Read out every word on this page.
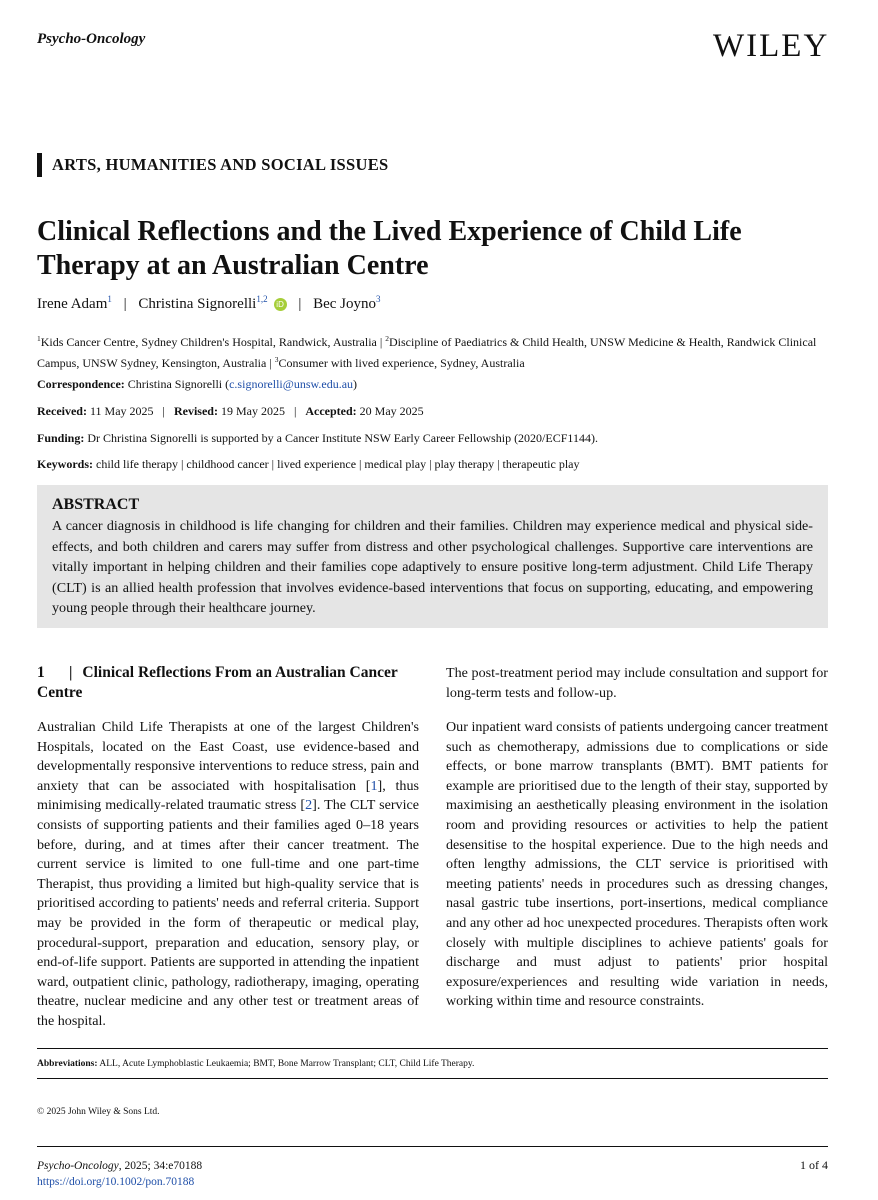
Psycho-Oncology	WILEY
ARTS, HUMANITIES AND SOCIAL ISSUES
Clinical Reflections and the Lived Experience of Child Life Therapy at an Australian Centre
Irene Adam$^1$ | Christina Signorelli$^{1,2}$iD | Bec Joyno$^3$
$^1$Kids Cancer Centre, Sydney Children's Hospital, Randwick, Australia | $^2$Discipline of Paediatrics & Child Health, UNSW Medicine & Health, Randwick Clinical Campus, UNSW Sydney, Kensington, Australia | $^3$Consumer with lived experience, Sydney, Australia
Correspondence: Christina Signorelli (c.signorelli@unsw.edu.au)
Received: 11 May 2025 | Revised: 19 May 2025 | Accepted: 20 May 2025
Funding: Dr Christina Signorelli is supported by a Cancer Institute NSW Early Career Fellowship (2020/ECF1144).
Keywords: child life therapy | childhood cancer | lived experience | medical play | play therapy | therapeutic play
ABSTRACT
A cancer diagnosis in childhood is life changing for children and their families. Children may experience medical and physical side-effects, and both children and carers may suffer from distress and other psychological challenges. Supportive care interventions are vitally important in helping children and their families cope adaptively to ensure positive long-term adjustment. Child Life Therapy (CLT) is an allied health profession that involves evidence-based interventions that focus on supporting, educating, and empowering young people through their healthcare journey.
1 | Clinical Reflections From an Australian Cancer Centre
Australian Child Life Therapists at one of the largest Children's Hospitals, located on the East Coast, use evidence-based and developmentally responsive interventions to reduce stress, pain and anxiety that can be associated with hospitalisation [1], thus minimising medically-related traumatic stress [2]. The CLT service consists of supporting patients and their families aged 0–18 years before, during, and at times after their cancer treatment. The current service is limited to one full-time and one part-time Therapist, thus providing a limited but high-quality service that is prioritised according to patients' needs and referral criteria. Support may be provided in the form of therapeutic or medical play, procedural-support, preparation and education, sensory play, or end-of-life support. Patients are supported in attending the inpatient ward, outpatient clinic, pathology, radiotherapy, imaging, operating theatre, nuclear medicine and any other test or treatment areas of the hospital.
The post-treatment period may include consultation and support for long-term tests and follow-up.
Our inpatient ward consists of patients undergoing cancer treatment such as chemotherapy, admissions due to complications or side effects, or bone marrow transplants (BMT). BMT patients for example are prioritised due to the length of their stay, supported by maximising an aesthetically pleasing environment in the isolation room and providing resources or activities to help the patient desensitise to the hospital experience. Due to the high needs and often lengthy admissions, the CLT service is prioritised with meeting patients' needs in procedures such as dressing changes, nasal gastric tube insertions, port-insertions, medical compliance and any other ad hoc unexpected procedures. Therapists often work closely with multiple disciplines to achieve patients' goals for discharge and must adjust to patients' prior hospital exposure/experiences and resulting wide variation in needs, working within time and resource constraints.
Abbreviations: ALL, Acute Lymphoblastic Leukaemia; BMT, Bone Marrow Transplant; CLT, Child Life Therapy.
© 2025 John Wiley & Sons Ltd.
Psycho-Oncology, 2025; 34:e70188
https://doi.org/10.1002/pon.70188
1 of 4
